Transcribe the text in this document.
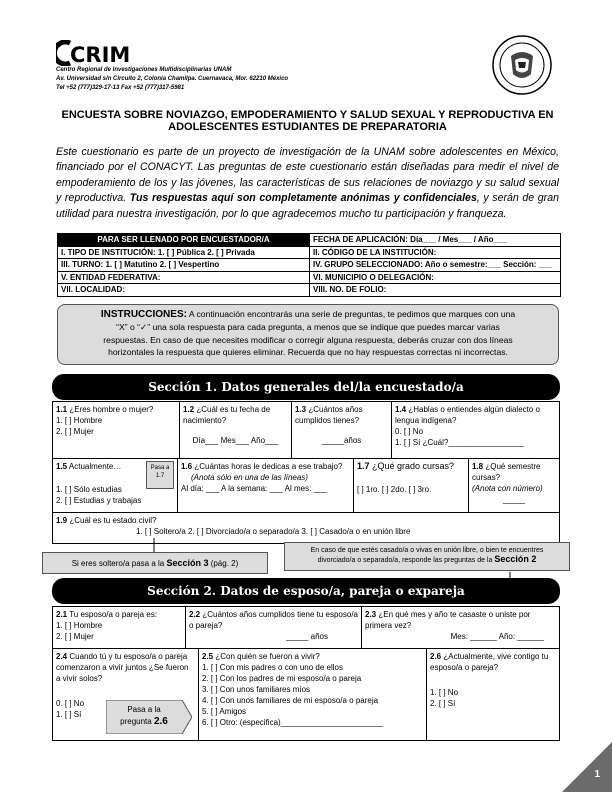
CRIM
Centro Regional de Investigaciones Multidisciplinarias UNAM
Av. Universidad s/n Circuito 2, Colonia Chamilpa. Cuernavaca, Mor. 62210 México
Tel +52 (777)329-17-13 Fax +52 (777)317-5981
ENCUESTA SOBRE NOVIAZGO, EMPODERAMIENTO Y SALUD SEXUAL Y REPRODUCTIVA EN
ADOLESCENTES ESTUDIANTES DE PREPARATORIA
Este cuestionario es parte de un proyecto de investigación de la UNAM sobre adolescentes en México, financiado por el CONACYT. Las preguntas de este cuestionario están diseñadas para medir el nivel de empoderamiento de los y las jóvenes, las características de sus relaciones de noviazgo y su salud sexual y reproductiva. Tus respuestas aquí son completamente anónimas y confidenciales, y serán de gran utilidad para nuestra investigación, por lo que agradecemos mucho tu participación y franqueza.
PARA SER LLENADO POR ENCUESTADOR/A	FECHA DE APLICACIÓN: Día___ / Mes___ / Año___
I. TIPO DE INSTITUCIÓN: 1. [ ] Pública 2. [ ] Privada	II. CÓDIGO DE LA INSTITUCIÓN:
III. TURNO: 1. [ ] Matutino 2. [ ] Vespertino	IV. GRUPO SELECCIONADO: Año o semestre:___ Sección: ___
V. ENTIDAD FEDERATIVA:	VI. MUNICIPIO O DELEGACIÓN:
VII. LOCALIDAD:	VIII. NO. DE FOLIO:
INSTRUCCIONES: A continuación encontrarás una serie de preguntas, te pedimos que marques con una
“X” o “✓” una sola respuesta para cada pregunta, a menos que se indique que puedes marcar varias
respuestas. En caso de que necesites modificar o corregir alguna respuesta, deberás cruzar con dos líneas
horizontales la respuesta que quieres eliminar. Recuerda que no hay respuestas correctas ni incorrectas.
Sección 1. Datos generales del/la encuestado/a
1.1 ¿Eres hombre o mujer?
1. [ ] Hombre
2. [ ] Mujer
1.2 ¿Cuál es tu fecha de nacimiento?
Día___ Mes___ Año___
1.3 ¿Cuántos años cumplidos tienes?
_____años
1.4 ¿Hablas o entiendes algún dialecto o lengua indígena?
0. [ ] No
1. [ ] Sí ¿Cuál?_________________
1.5 Actualmente…
1. [ ] Sólo estudias
2. [ ] Estudias y trabajas
Pasa a 1.7
1.6 ¿Cuántas horas le dedicas a ese trabajo?
(Anota sólo en una de las líneas)
Al día: ___ A la semana: ___ Al mes: ___
1.7 ¿Qué grado cursas?
[ ] 1ro. [ ] 2do. [ ] 3ro.
1.8 ¿Qué semestre cursas?
(Anota con número)
_____
1.9 ¿Cuál es tu estado civil?
1. [ ] Soltero/a 2. [ ] Divorciado/a o separado/a 3. [ ] Casado/a o en unión libre
Si eres soltero/a pasa a la Sección 3 (pág. 2)
En caso de que estés casado/a o vivas en unión libre, o bien te encuentres
divorciado/a o separado/a, responde las preguntas de la Sección 2
Sección 2. Datos de esposo/a, pareja o expareja
2.1 Tu esposo/a o pareja es:
1. [ ] Hombre
2. [ ] Mujer
2.2 ¿Cuántos años cumplidos tiene tu esposo/a o pareja?
_____ años
2.3 ¿En qué mes y año te casaste o uniste por primera vez?
Mes: ______ Año: ______
2.4 Cuando tú y tu esposo/a o pareja comenzaron a vivir juntos ¿Se fueron a vivir solos?
0. [ ] No
1. [ ] Sí
Pasa a la
pregunta 2.6
2.5 ¿Con quién se fueron a vivir?
1. [ ] Con mis padres o con uno de ellos
2. [ ] Con los padres de mi esposo/a o pareja
3. [ ] Con unos familiares míos
4. [ ] Con unos familiares de mi esposo/a o pareja
5. [ ] Amigos
6. [ ] Otro: (especifica)_______________________
2.6 ¿Actualmente, vive contigo tu esposo/a o pareja?
1. [ ] No
2. [ ] Sí
1
